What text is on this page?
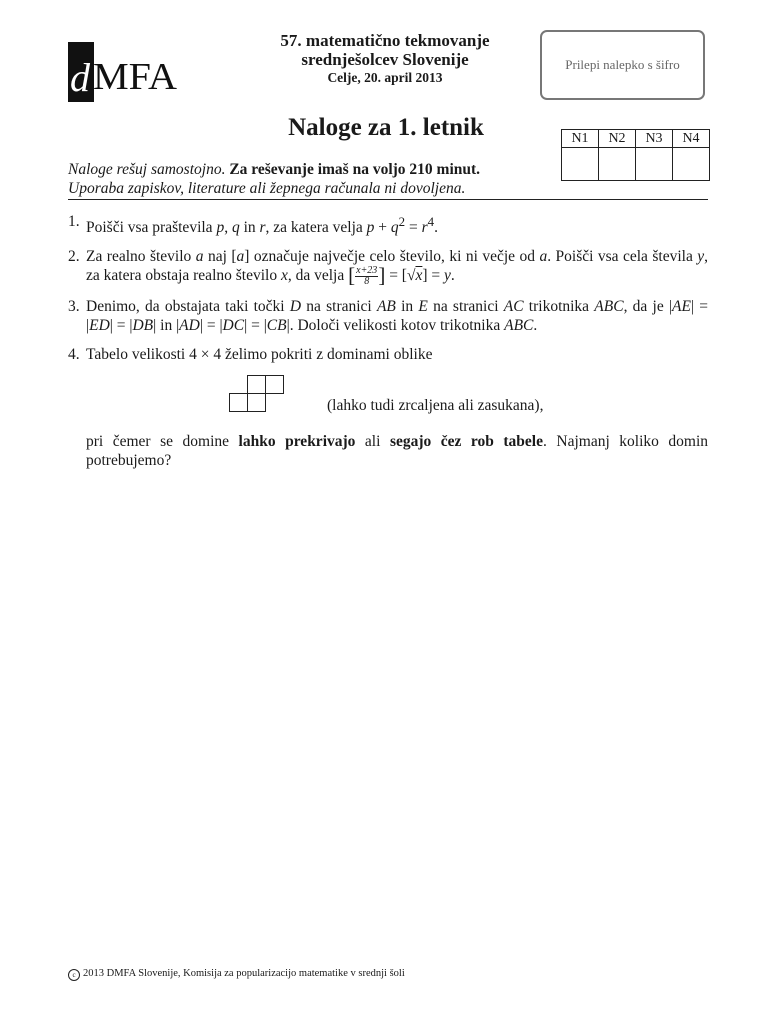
d MFA
57. matematično tekmovanje
srednješolcev Slovenije
Celje, 20. april 2013
Prilepi nalepko s šifro
Naloge za 1. letnik	N1	N2	N3	N4

Naloge rešuj samostojno. Za reševanje imaš na voljo 210 minut.
Uporaba zapiskov, literature ali žepnega računala ni dovoljena.
1. Poišči vsa praštevila p, q in r, za katera velja $p + q^2 = r^4$.
2. Za realno število a naj [a] označuje največje celo število, ki ni večje od a. Poišči vsa cela števila y, za katera obstaja realno število x, da velja [ $\frac{x+23}{8}$ ] = [√x] = y.
3. Denimo, da obstajata taki točki D na stranici AB in E na stranici AC trikotnika ABC, da je |AE| = |ED| = |DB| in |AD| = |DC| = |CB|. Določi velikosti kotov trikotnika ABC.
4. Tabelo velikosti 4 × 4 želimo pokriti z dominami oblike
(lahko tudi zrcaljena ali zasukana),
pri čemer se domine lahko prekrivajo ali segajo čez rob tabele. Najmanj koliko domin potrebujemo?
c 2013 DMFA Slovenije, Komisija za popularizacijo matematike v srednji šoli
